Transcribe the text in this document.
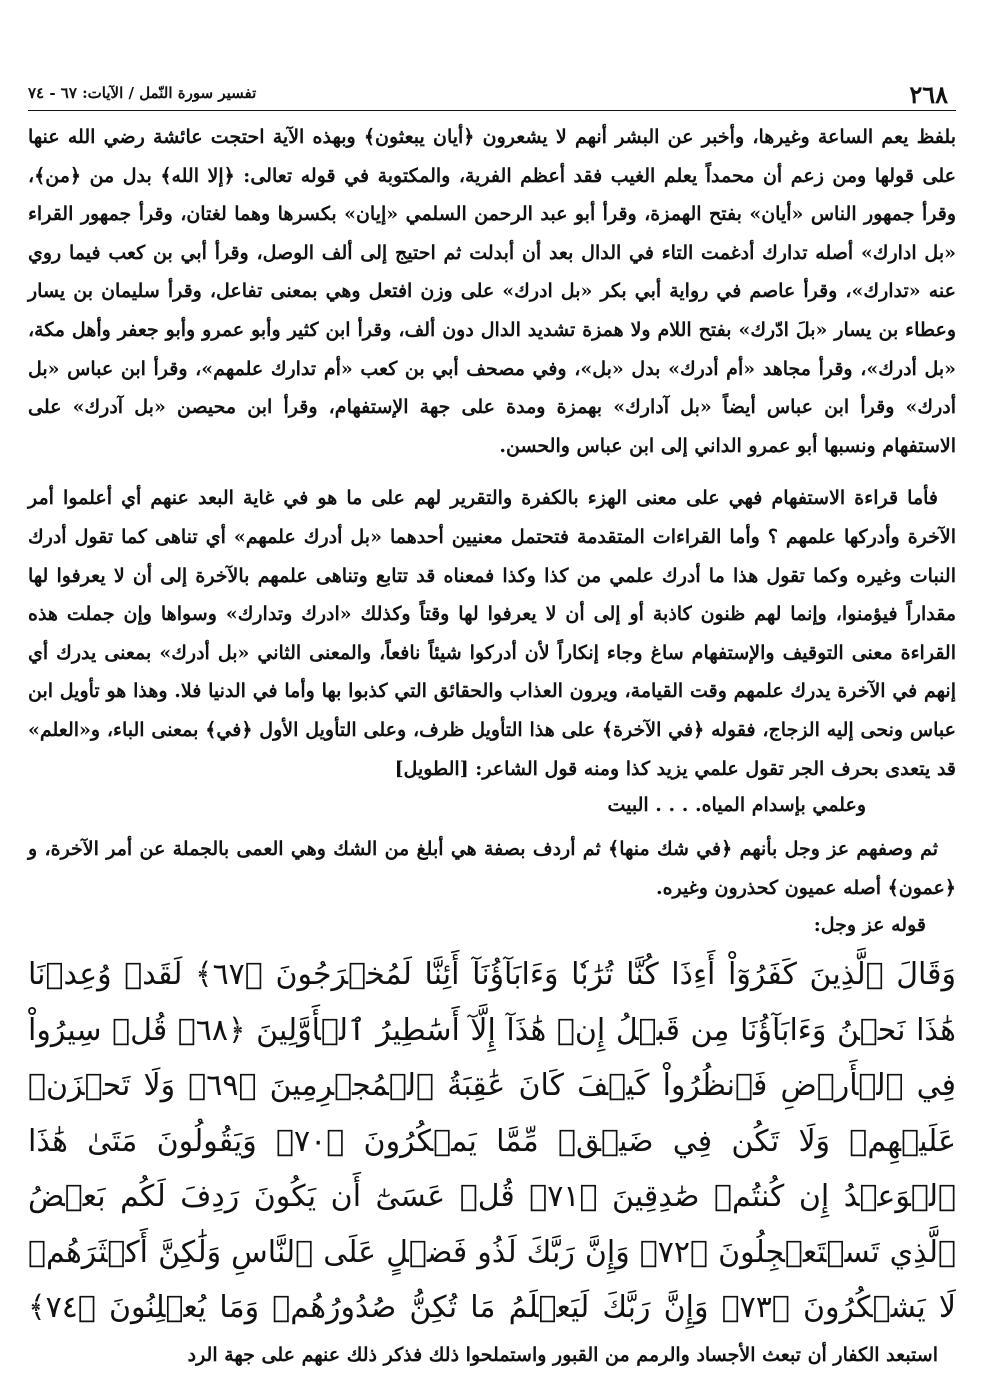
٢٦٨
تفسير سورة النّمل / الآيات: ٦٧ - ٧٤

بلفظ يعم الساعة وغيرها، وأخبر عن البشر أنهم لا يشعرون ﴿أيان يبعثون﴾ وبهذه الآية احتجت عائشة رضي الله عنها على قولها ومن زعم أن محمداً يعلم الغيب فقد أعظم الفرية، والمكتوبة في قوله تعالى: ﴿إلا الله﴾ بدل من ﴿من﴾، وقرأ جمهور الناس «أيان» بفتح الهمزة، وقرأ أبو عبد الرحمن السلمي «إيان» بكسرها وهما لغتان، وقرأ جمهور القراء «بل ادارك» أصله تدارك أدغمت التاء في الدال بعد أن أبدلت ثم احتيج إلى ألف الوصل، وقرأ أبي بن كعب فيما روي عنه «تدارك»، وقرأ عاصم في رواية أبي بكر «بل ادرك» على وزن افتعل وهي بمعنى تفاعل، وقرأ سليمان بن يسار وعطاء بن يسار «بلَ ادّرك» بفتح اللام ولا همزة تشديد الدال دون ألف، وقرأ ابن كثير وأبو عمرو وأبو جعفر وأهل مكة، «بل أدرك»، وقرأ مجاهد «أم أدرك» بدل «بل»، وفي مصحف أبي بن كعب «أم تدارك علمهم»، وقرأ ابن عباس «بل أدرك» وقرأ ابن عباس أيضاً «بل آدارك» بهمزة ومدة على جهة الإستفهام، وقرأ ابن محيصن «بل آدرك» على الاستفهام ونسبها أبو عمرو الداني إلى ابن عباس والحسن.

فأما قراءة الاستفهام فهي على معنى الهزء بالكفرة والتقرير لهم على ما هو في غاية البعد عنهم أي أعلموا أمر الآخرة وأدركها علمهم ؟ وأما القراءات المتقدمة فتحتمل معنيين أحدهما «بل أدرك علمهم» أي تناهى كما تقول أدرك النبات وغيره وكما تقول هذا ما أدرك علمي من كذا وكذا فمعناه قد تتابع وتناهى علمهم بالآخرة إلى أن لا يعرفوا لها مقداراً فيؤمنوا، وإنما لهم ظنون كاذبة أو إلى أن لا يعرفوا لها وقتاً وكذلك «ادرك وتدارك» وسواها وإن جملت هذه القراءة معنى التوقيف والإستفهام ساغ وجاء إنكاراً لأن أدركوا شيئاً نافعاً، والمعنى الثاني «بل أدرك» بمعنى يدرك أي إنهم في الآخرة يدرك علمهم وقت القيامة، ويرون العذاب والحقائق التي كذبوا بها وأما في الدنيا فلا. وهذا هو تأويل ابن عباس ونحى إليه الزجاج، فقوله ﴿في الآخرة﴾ على هذا التأويل ظرف، وعلى التأويل الأول ﴿في﴾ بمعنى الباء، و«العلم» قد يتعدى بحرف الجر تقول علمي يزيد كذا ومنه قول الشاعر: [الطويل]

وعلمي بإسدام المياه. . . . البيت

ثم وصفهم عز وجل بأنهم ﴿في شك منها﴾ ثم أردف بصفة هي أبلغ من الشك وهي العمى بالجملة عن أمر الآخرة، و ﴿عمون﴾ أصله عميون كحذرون وغيره.

قوله عز وجل:

وَقَالَ ٱلَّذِينَ كَفَرُوٓاْ أَءِذَا كُنَّا تُرَٰبٗا وَءَابَآؤُنَآ أَئِنَّا لَمُخۡرَجُونَ ﴿٦٧﴾ لَقَدۡ وُعِدۡنَا هَٰذَا نَحۡنُ وَءَابَآؤُنَا مِن قَبۡلُ إِنۡ هَٰذَآ إِلَّآ أَسَٰطِيرُ ٱلۡأَوَّلِينَ ﴿٦٨﴾ قُلۡ سِيرُواْ فِي ٱلۡأَرۡضِ فَٱنظُرُواْ كَيۡفَ كَانَ عَٰقِبَةُ ٱلۡمُجۡرِمِينَ ﴿٦٩﴾ وَلَا تَحۡزَنۡ عَلَيۡهِمۡ وَلَا تَكُن فِي ضَيۡقٖ مِّمَّا يَمۡكُرُونَ ﴿٧٠﴾ وَيَقُولُونَ مَتَىٰ هَٰذَا ٱلۡوَعۡدُ إِن كُنتُمۡ صَٰدِقِينَ ﴿٧١﴾ قُلۡ عَسَىٰٓ أَن يَكُونَ رَدِفَ لَكُم بَعۡضُ ٱلَّذِي تَسۡتَعۡجِلُونَ ﴿٧٢﴾ وَإِنَّ رَبَّكَ لَذُو فَضۡلٍ عَلَى ٱلنَّاسِ وَلَٰكِنَّ أَكۡثَرَهُمۡ لَا يَشۡكُرُونَ ﴿٧٣﴾ وَإِنَّ رَبَّكَ لَيَعۡلَمُ مَا تُكِنُّ صُدُورُهُمۡ وَمَا يُعۡلِنُونَ ﴿٧٤﴾

استبعد الكفار أن تبعث الأجساد والرمم من القبور واستملحوا ذلك فذكر ذلك عنهم على جهة الرد
